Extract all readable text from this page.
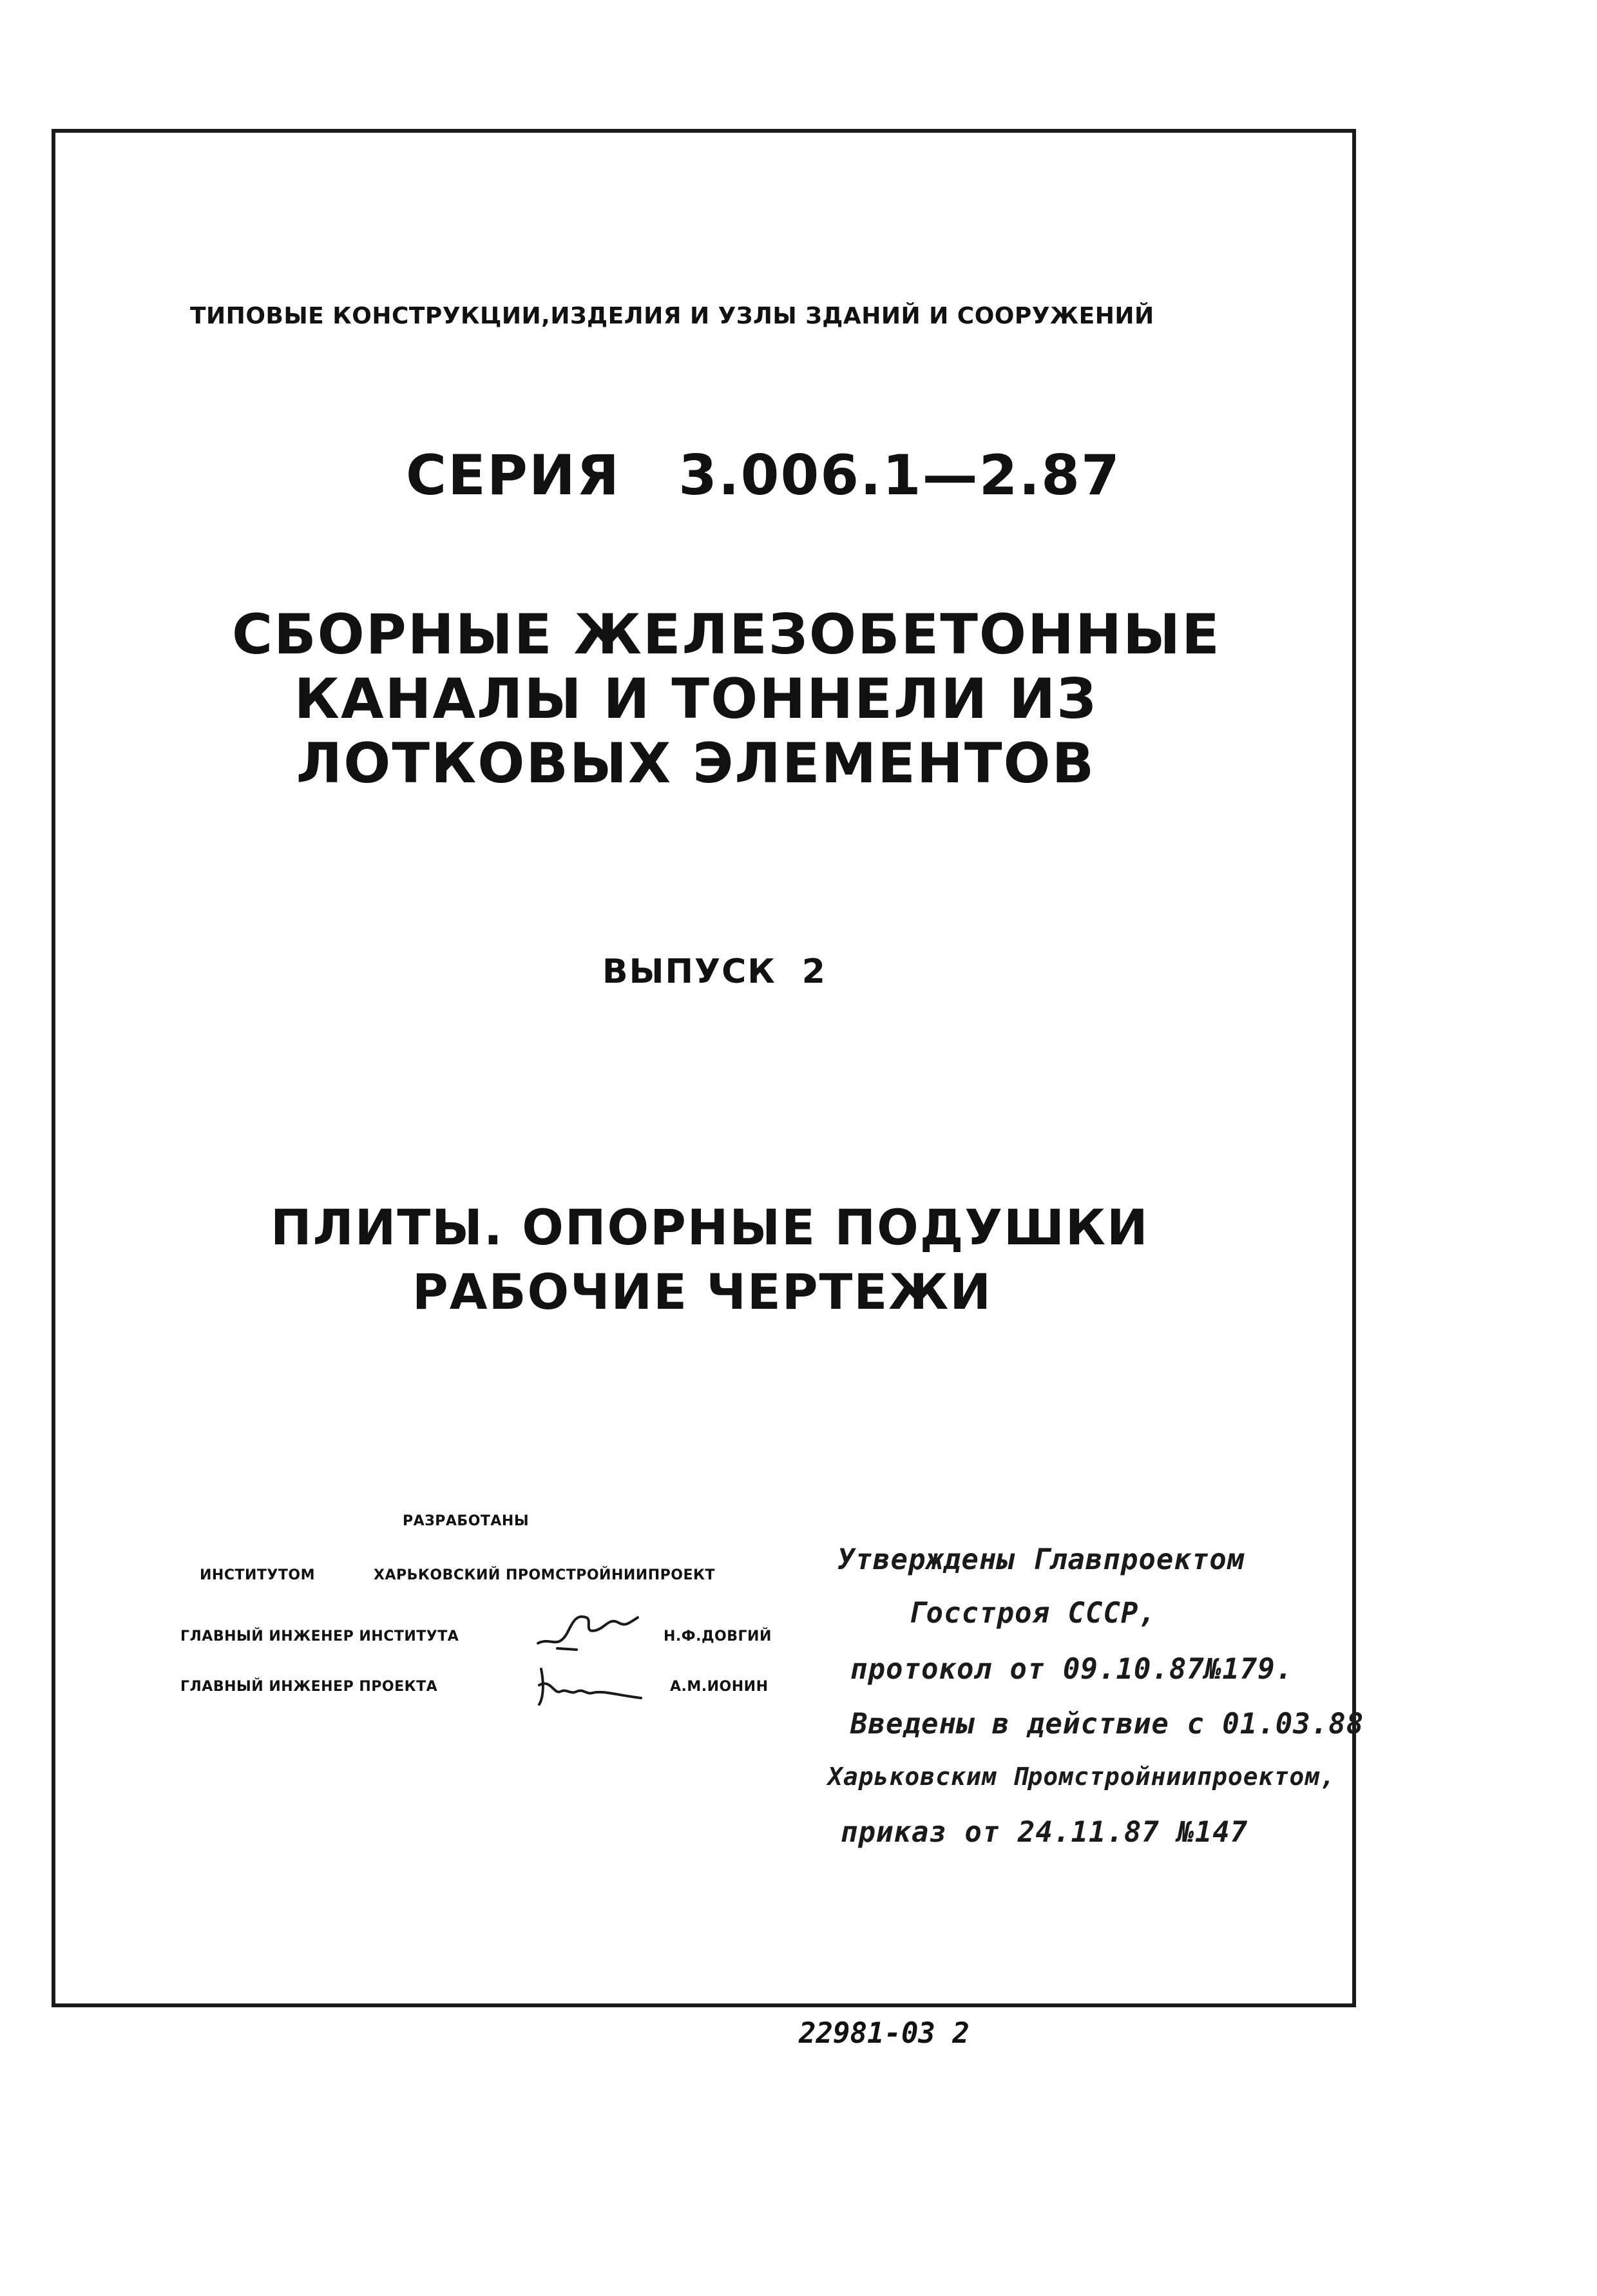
ТИПОВЫЕ КОНСТРУКЦИИ,ИЗДЕЛИЯ И УЗЛЫ ЗДАНИЙ И СООРУЖЕНИЙ
СЕРИЯ 3.006.1—2.87
СБОРНЫЕ ЖЕЛЕЗОБЕТОННЫЕ
КАНАЛЫ И ТОННЕЛИ ИЗ
ЛОТКОВЫХ ЭЛЕМЕНТОВ
ВЫПУСК 2
ПЛИТЫ. ОПОРНЫЕ ПОДУШКИ
РАБОЧИЕ ЧЕРТЕЖИ
РАЗРАБОТАНЫ
ИНСТИТУТОМ	ХАРЬКОВСКИЙ ПРОМСТРОЙНИИПРОЕКТ
ГЛАВНЫЙ ИНЖЕНЕР ИНСТИТУТА	Н.Ф.ДОВГИЙ
ГЛАВНЫЙ ИНЖЕНЕР ПРОЕКТА	А.М.ИОНИН
Утверждены Главпроектом
Госстроя СССР,
протокол от 09.10.87№179.
Введены в действие с 01.03.88
Харьковским Промстройниипроектом,
приказ от 24.11.87 №147
22981-03 2
